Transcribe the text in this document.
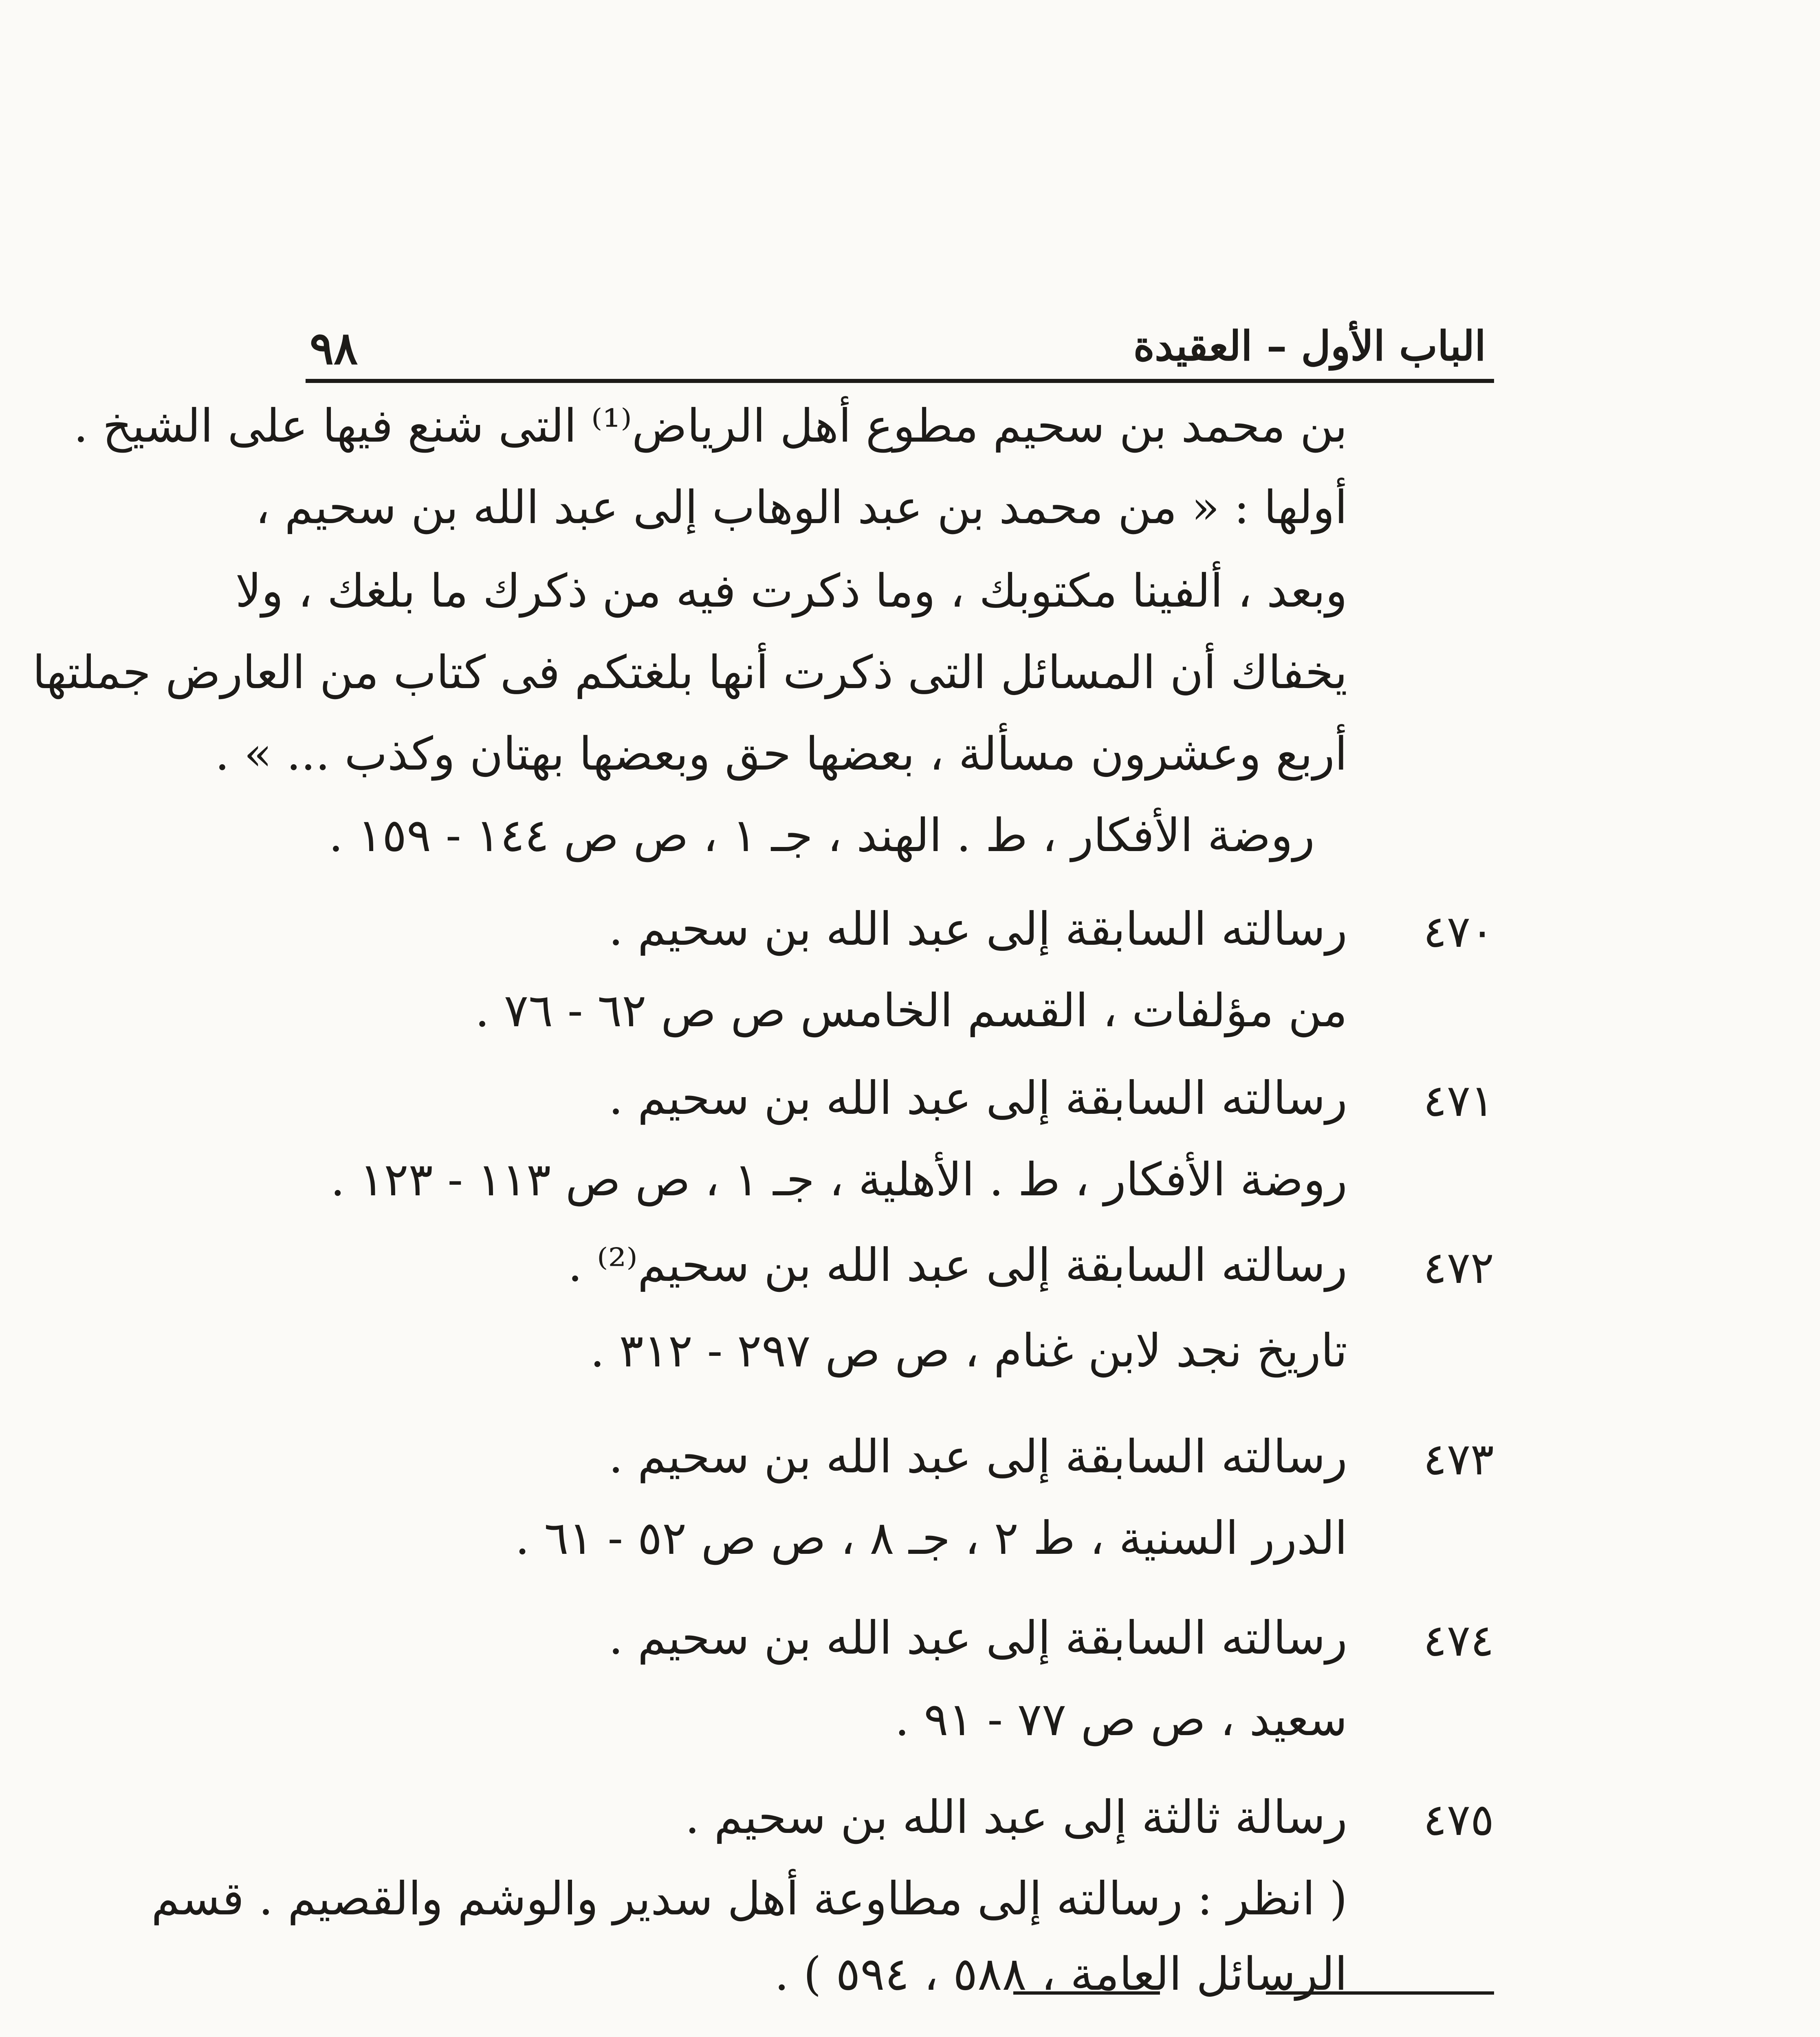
٩٨	الباب الأول – العقيدة
بن محمد بن سحيم مطوع أهل الرياض⁽¹⁾ التى شنع فيها على الشيخ .
أولها : « من محمد بن عبد الوهاب إلى عبد الله بن سحيم ،
وبعد ، ألفينا مكتوبك ، وما ذكرت فيه من ذكرك ما بلغك ، ولا
يخفاك أن المسائل التى ذكرت أنها بلغتكم فى كتاب من العارض جملتها
أربع وعشرون مسألة ، بعضها حق وبعضها بهتان وكذب ... » .
روضة الأفكار ، ط . الهند ، جـ ١ ، ص ص ١٤٤ - ١٥٩ .
٤٧٠
رسالته السابقة إلى عبد الله بن سحيم .
من مؤلفات ، القسم الخامس ص ص ٦٢ - ٧٦ .
٤٧١
رسالته السابقة إلى عبد الله بن سحيم .
روضة الأفكار ، ط . الأهلية ، جـ ١ ، ص ص ١١٣ - ١٢٣ .
٤٧٢
رسالته السابقة إلى عبد الله بن سحيم⁽²⁾ .
تاريخ نجد لابن غنام ، ص ص ٢٩٧ - ٣١٢ .
٤٧٣
رسالته السابقة إلى عبد الله بن سحيم .
الدرر السنية ، ط ٢ ، جـ ٨ ، ص ص ٥٢ - ٦١ .
٤٧٤
رسالته السابقة إلى عبد الله بن سحيم .
سعيد ، ص ص ٧٧ - ٩١ .
٤٧٥
رسالة ثالثة إلى عبد الله بن سحيم .
( انظر : رسالته إلى مطاوعة أهل سدير والوشم والقصيم . قسم
الرسائل العامة ، ٥٨٨ ، ٥٩٤ ) .
